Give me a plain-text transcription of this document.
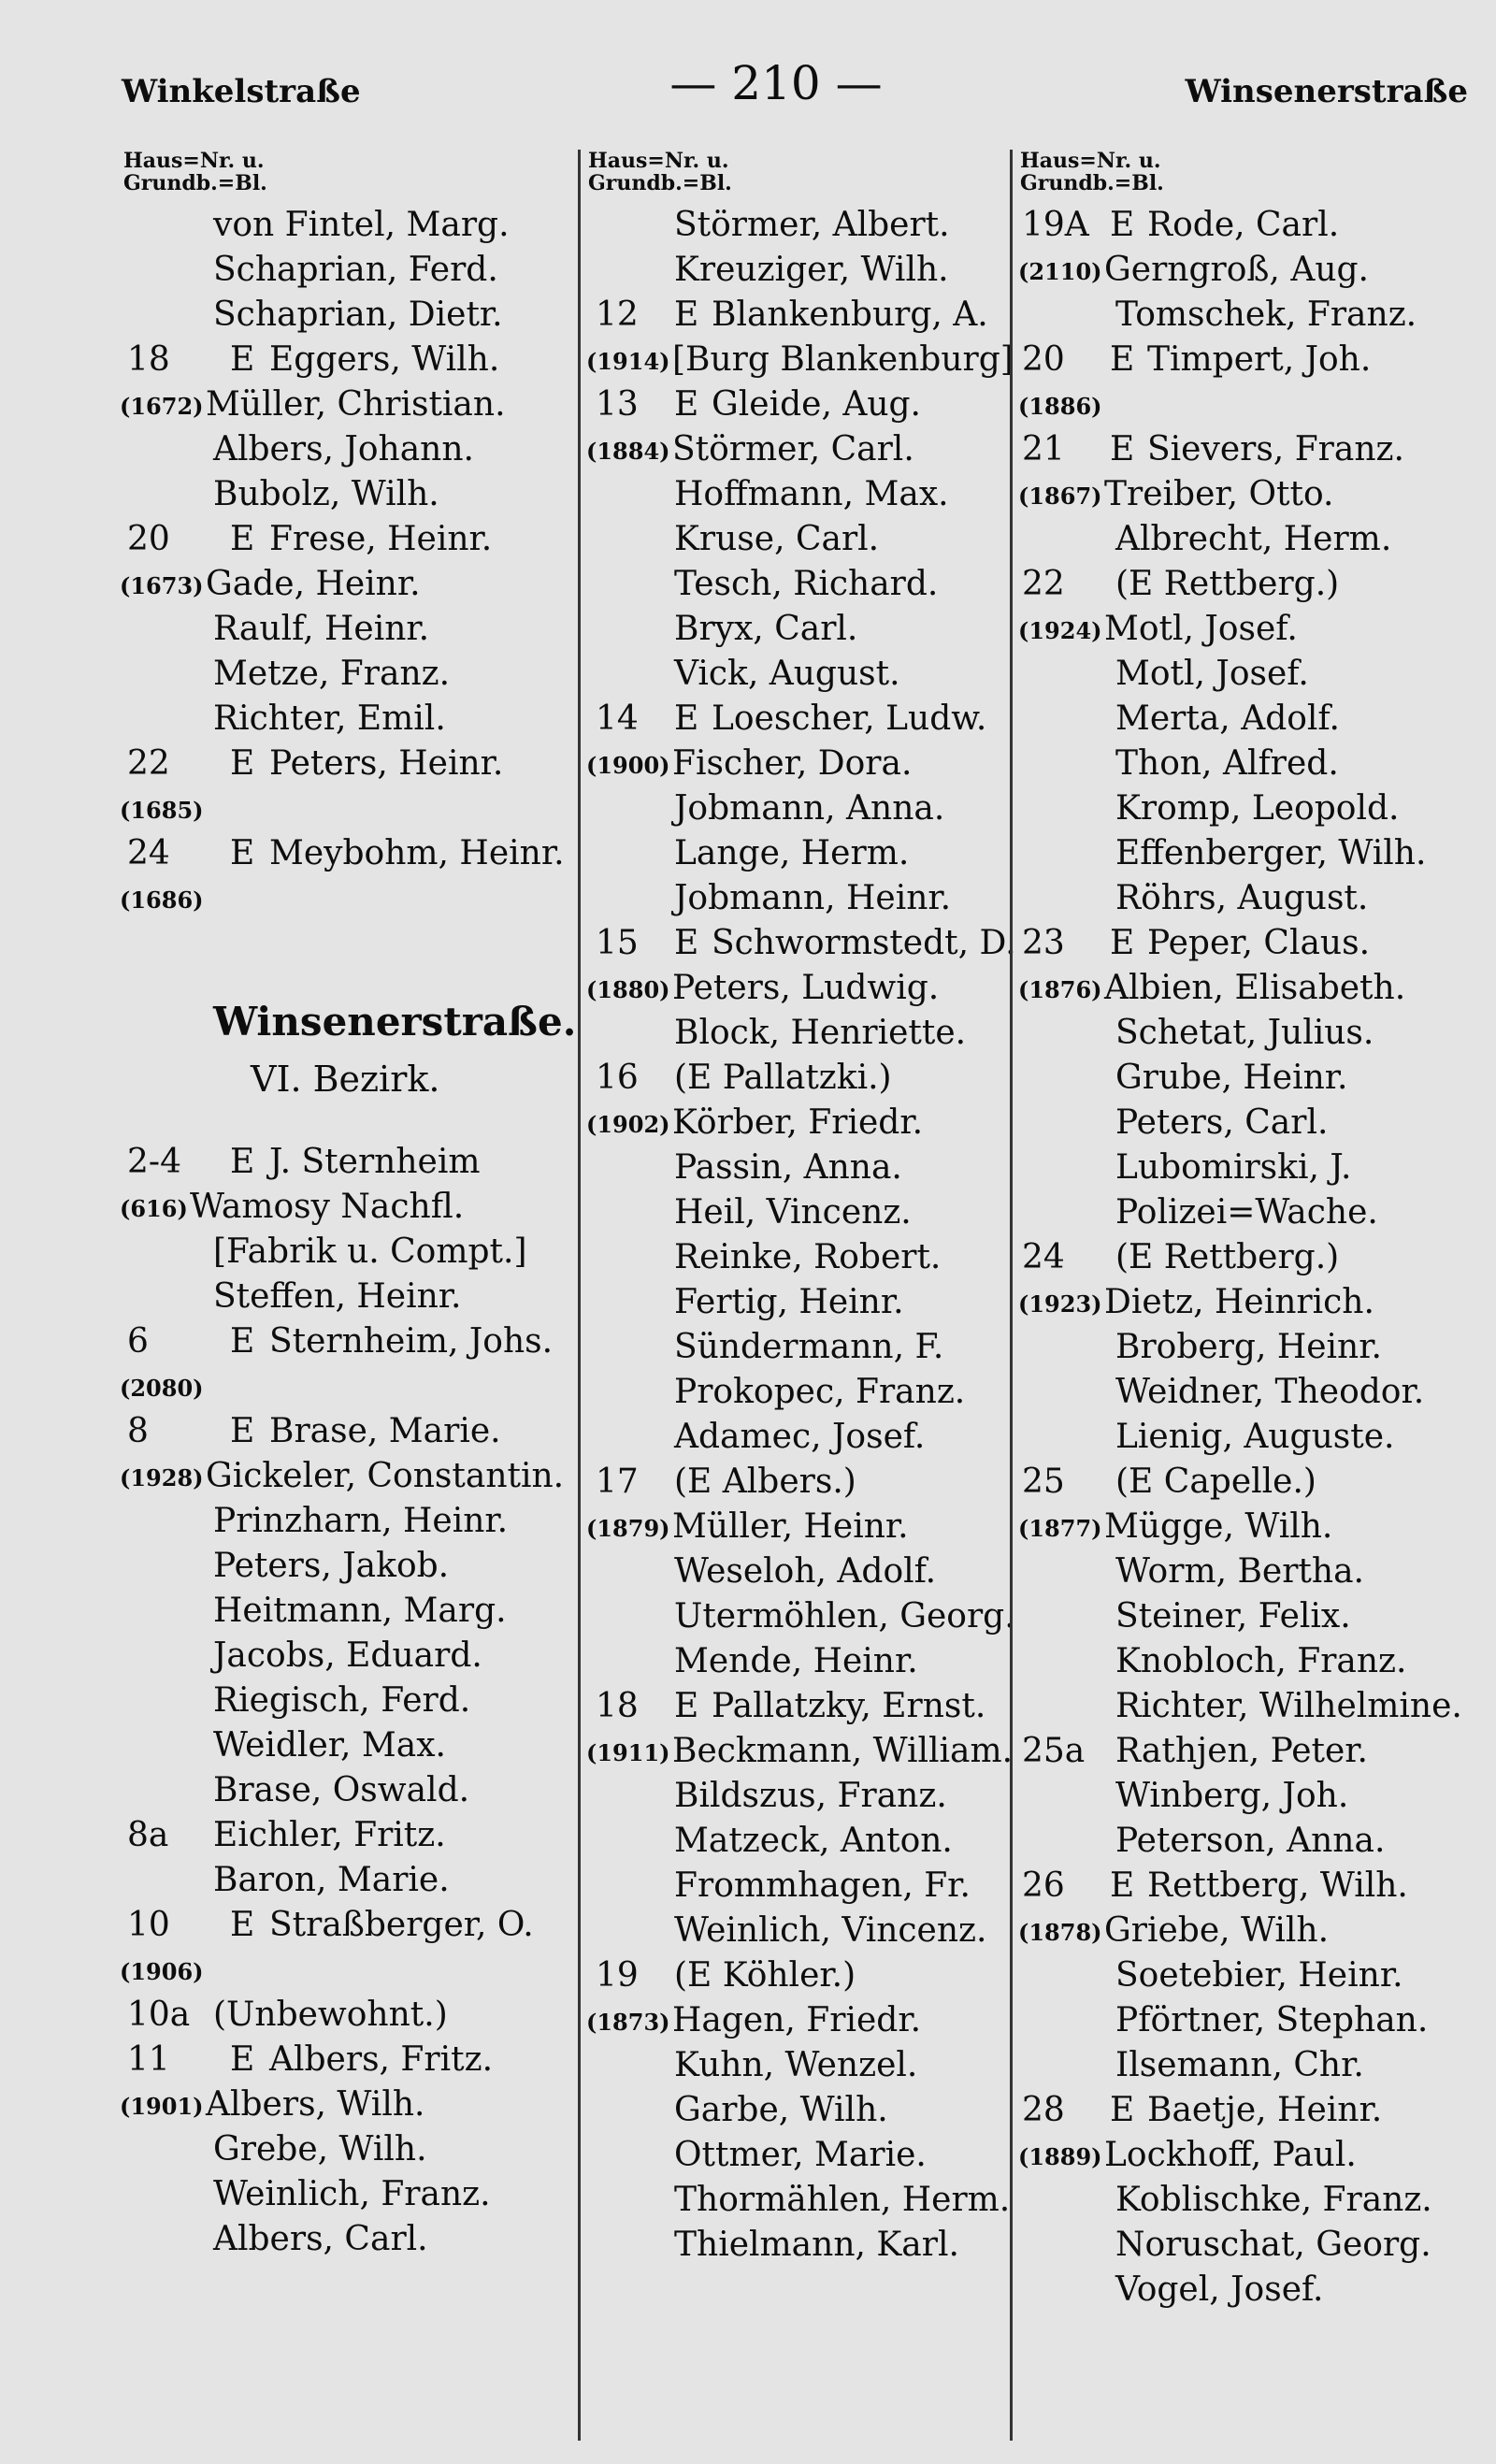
Winkelstraße	— 210 —	Winsenerstraße
Haus=Nr. u.
Grundb.=Bl.
von Fintel, Marg.
Schaprian, Ferd.
Schaprian, Dietr.
18 E Eggers, Wilh.
(1672) Müller, Christian.
Albers, Johann.
Bubolz, Wilh.
20 E Frese, Heinr.
(1673) Gade, Heinr.
Raulf, Heinr.
Metze, Franz.
Richter, Emil.
22 E Peters, Heinr.
(1685)
24 E Meybohm, Heinr.
(1686)
Winsenerstraße.
VI. Bezirk.
2-4 E J. Sternheim
(616) Wamosy Nachfl.
[Fabrik u. Compt.]
Steffen, Heinr.
6 E Sternheim, Johs.
(2080)
8 E Brase, Marie.
(1928) Gickeler, Constantin.
Prinzharn, Heinr.
Peters, Jakob.
Heitmann, Marg.
Jacobs, Eduard.
Riegisch, Ferd.
Weidler, Max.
Brase, Oswald.
8a Eichler, Fritz.
Baron, Marie.
10 E Straßberger, O.
(1906)
10a (Unbewohnt.)
11 E Albers, Fritz.
(1901) Albers, Wilh.
Grebe, Wilh.
Weinlich, Franz.
Albers, Carl.
Haus=Nr. u.
Grundb.=Bl.
Störmer, Albert.
Kreuziger, Wilh.
12 E Blankenburg, A.
(1914) [Burg Blankenburg]
13 E Gleide, Aug.
(1884) Störmer, Carl.
Hoffmann, Max.
Kruse, Carl.
Tesch, Richard.
Bryx, Carl.
Vick, August.
14 E Loescher, Ludw.
(1900) Fischer, Dora.
Jobmann, Anna.
Lange, Herm.
Jobmann, Heinr.
15 E Schwormstedt, D.
(1880) Peters, Ludwig.
Block, Henriette.
16 (E Pallatzki.)
(1902) Körber, Friedr.
Passin, Anna.
Heil, Vincenz.
Reinke, Robert.
Fertig, Heinr.
Sündermann, F.
Prokopec, Franz.
Adamec, Josef.
17 (E Albers.)
(1879) Müller, Heinr.
Weseloh, Adolf.
Utermöhlen, Georg.
Mende, Heinr.
18 E Pallatzky, Ernst.
(1911) Beckmann, William.
Bildszus, Franz.
Matzeck, Anton.
Frommhagen, Fr.
Weinlich, Vincenz.
19 (E Köhler.)
(1873) Hagen, Friedr.
Kuhn, Wenzel.
Garbe, Wilh.
Ottmer, Marie.
Thormählen, Herm.
Thielmann, Karl.
Haus=Nr. u.
Grundb.=Bl.
19A E Rode, Carl.
(2110) Gerngroß, Aug.
Tomschek, Franz.
20 E Timpert, Joh.
(1886)
21 E Sievers, Franz.
(1867) Treiber, Otto.
Albrecht, Herm.
22 (E Rettberg.)
(1924) Motl, Josef.
Motl, Josef.
Merta, Adolf.
Thon, Alfred.
Kromp, Leopold.
Effenberger, Wilh.
Röhrs, August.
23 E Peper, Claus.
(1876) Albien, Elisabeth.
Schetat, Julius.
Grube, Heinr.
Peters, Carl.
Lubomirski, J.
Polizei=Wache.
24 (E Rettberg.)
(1923) Dietz, Heinrich.
Broberg, Heinr.
Weidner, Theodor.
Lienig, Auguste.
25 (E Capelle.)
(1877) Mügge, Wilh.
Worm, Bertha.
Steiner, Felix.
Knobloch, Franz.
Richter, Wilhelmine.
25a Rathjen, Peter.
Winberg, Joh.
Peterson, Anna.
26 E Rettberg, Wilh.
(1878) Griebe, Wilh.
Soetebier, Heinr.
Pförtner, Stephan.
Ilsemann, Chr.
28 E Baetje, Heinr.
(1889) Lockhoff, Paul.
Koblischke, Franz.
Noruschat, Georg.
Vogel, Josef.
